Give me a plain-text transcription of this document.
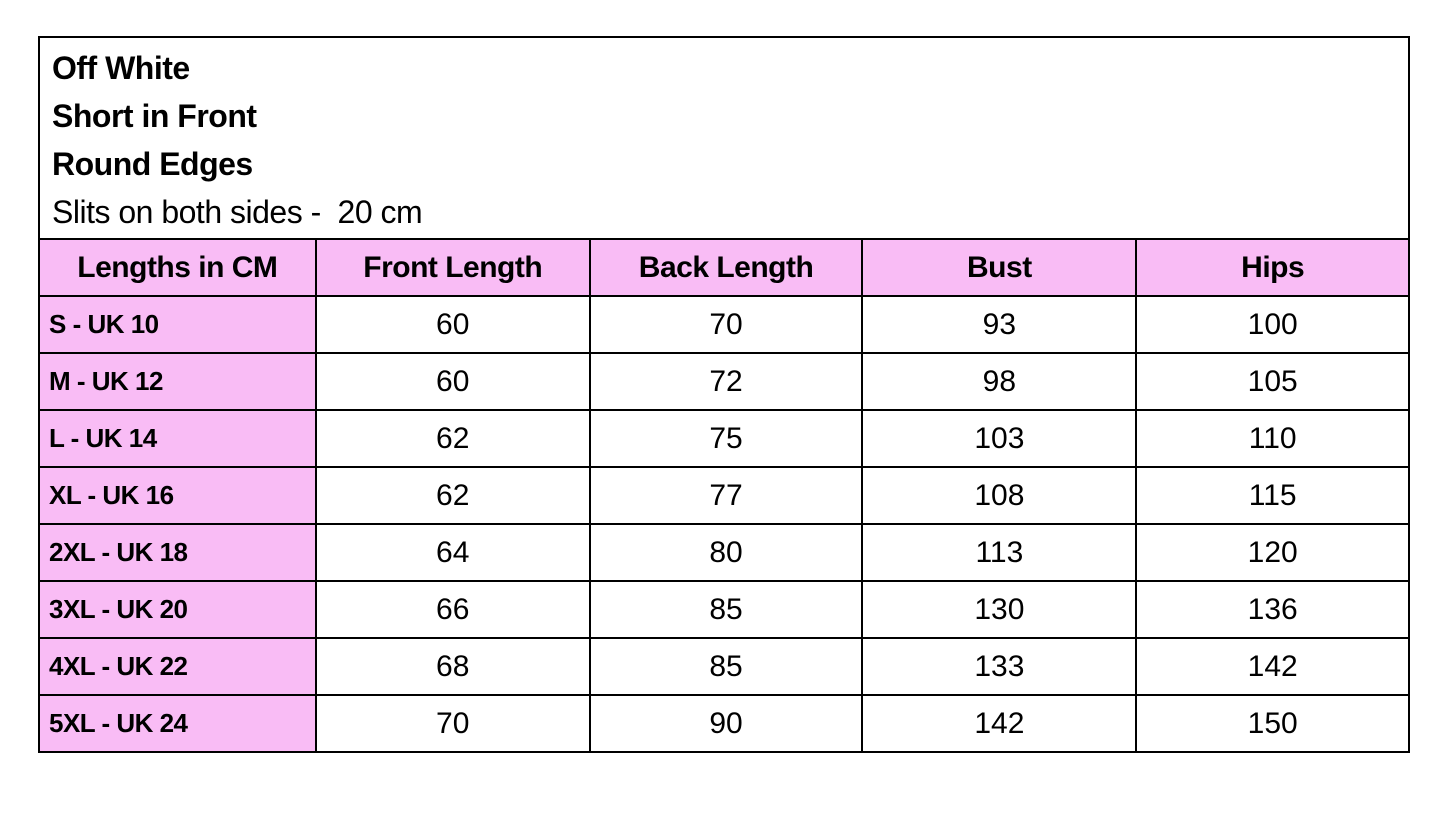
Off White

Short in Front

Round Edges

Slits on both sides -  20 cm

Lengths in CM	Front Length	Back Length	Bust	Hips
S - UK 10	60	70	93	100
M - UK 12	60	72	98	105
L - UK 14	62	75	103	110
XL - UK 16	62	77	108	115
2XL - UK 18	64	80	113	120
3XL - UK 20	66	85	130	136
4XL - UK 22	68	85	133	142
5XL - UK 24	70	90	142	150
